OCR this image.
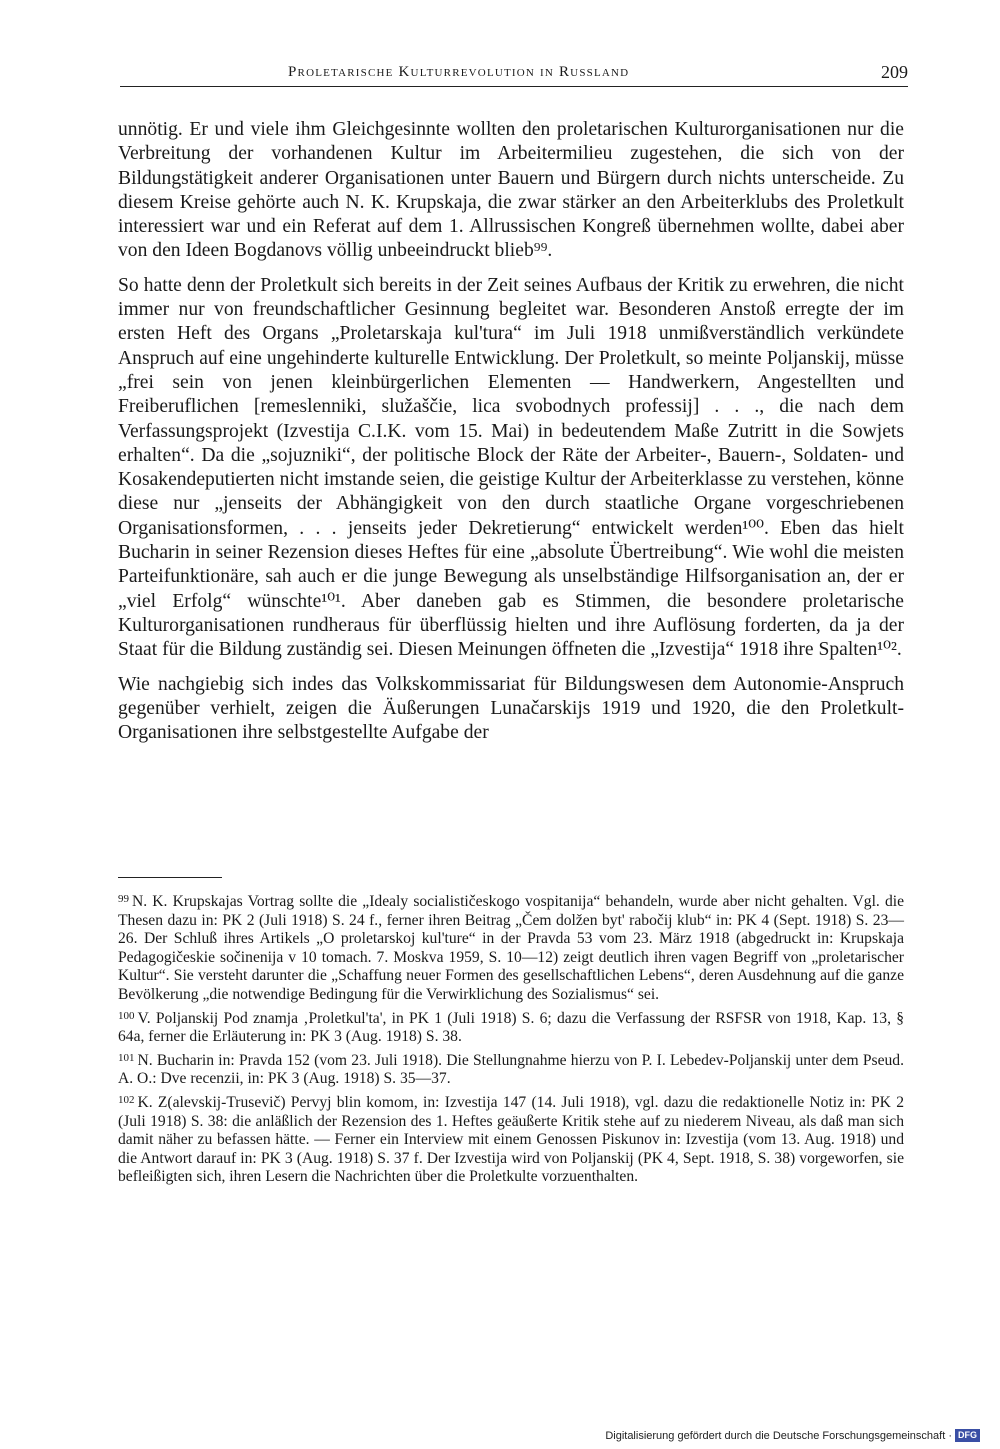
Proletarische Kulturrevolution in Russland	209

unnötig. Er und viele ihm Gleichgesinnte wollten den proletarischen Kulturorganisationen nur die Verbreitung der vorhandenen Kultur im Arbeitermilieu zugestehen, die sich von der Bildungstätigkeit anderer Organisationen unter Bauern und Bürgern durch nichts unterscheide. Zu diesem Kreise gehörte auch N. K. Krupskaja, die zwar stärker an den Arbeiterklubs des Proletkult interessiert war und ein Referat auf dem 1. Allrussischen Kongreß übernehmen wollte, dabei aber von den Ideen Bogdanovs völlig unbeeindruckt blieb⁹⁹.

So hatte denn der Proletkult sich bereits in der Zeit seines Aufbaus der Kritik zu erwehren, die nicht immer nur von freundschaftlicher Gesinnung begleitet war. Besonderen Anstoß erregte der im ersten Heft des Organs „Proletarskaja kul'tura“ im Juli 1918 unmißverständlich verkündete Anspruch auf eine ungehinderte kulturelle Entwicklung. Der Proletkult, so meinte Poljanskij, müsse „frei sein von jenen kleinbürgerlichen Elementen — Handwerkern, Angestellten und Freiberuflichen [remeslenniki, služaščie, lica svobodnych professij] . . ., die nach dem Verfassungsprojekt (Izvestija C.I.K. vom 15. Mai) in bedeutendem Maße Zutritt in die Sowjets erhalten“. Da die „sojuzniki“, der politische Block der Räte der Arbeiter-, Bauern-, Soldaten- und Kosakendeputierten nicht imstande seien, die geistige Kultur der Arbeiterklasse zu verstehen, könne diese nur „jenseits der Abhängigkeit von den durch staatliche Organe vorgeschriebenen Organisationsformen, . . . jenseits jeder Dekretierung“ entwickelt werden¹⁰⁰. Eben das hielt Bucharin in seiner Rezension dieses Heftes für eine „absolute Übertreibung“. Wie wohl die meisten Parteifunktionäre, sah auch er die junge Bewegung als unselbständige Hilfsorganisation an, der er „viel Erfolg“ wünschte¹⁰¹. Aber daneben gab es Stimmen, die besondere proletarische Kulturorganisationen rundheraus für überflüssig hielten und ihre Auflösung forderten, da ja der Staat für die Bildung zuständig sei. Diesen Meinungen öffneten die „Izvestija“ 1918 ihre Spalten¹⁰².

Wie nachgiebig sich indes das Volkskommissariat für Bildungswesen dem Autonomie-Anspruch gegenüber verhielt, zeigen die Äußerungen Lunačarskijs 1919 und 1920, die den Proletkult-Organisationen ihre selbstgestellte Aufgabe der

$^{99}$ N. K. Krupskajas Vortrag sollte die „Idealy socialističeskogo vospitanija“ behandeln, wurde aber nicht gehalten. Vgl. die Thesen dazu in: PK 2 (Juli 1918) S. 24 f., ferner ihren Beitrag „Čem dolžen byt' rabočij klub“ in: PK 4 (Sept. 1918) S. 23—26. Der Schluß ihres Artikels „O proletarskoj kul'ture“ in der Pravda 53 vom 23. März 1918 (abgedruckt in: Krupskaja Pedagogičeskie sočinenija v 10 tomach. 7. Moskva 1959, S. 10—12) zeigt deutlich ihren vagen Begriff von „proletarischer Kultur“. Sie versteht darunter die „Schaffung neuer Formen des gesellschaftlichen Lebens“, deren Ausdehnung auf die ganze Bevölkerung „die notwendige Bedingung für die Verwirklichung des Sozialismus“ sei.

$^{100}$ V. Poljanskij Pod znamja ‚Proletkul'ta', in PK 1 (Juli 1918) S. 6; dazu die Verfassung der RSFSR von 1918, Kap. 13, § 64a, ferner die Erläuterung in: PK 3 (Aug. 1918) S. 38.

$^{101}$ N. Bucharin in: Pravda 152 (vom 23. Juli 1918). Die Stellungnahme hierzu von P. I. Lebedev-Poljanskij unter dem Pseud. A. O.: Dve recenzii, in: PK 3 (Aug. 1918) S. 35—37.

$^{102}$ K. Z(alevskij-Trusevič) Pervyj blin komom, in: Izvestija 147 (14. Juli 1918), vgl. dazu die redaktionelle Notiz in: PK 2 (Juli 1918) S. 38: die anläßlich der Rezension des 1. Heftes geäußerte Kritik stehe auf zu niederem Niveau, als daß man sich damit näher zu befassen hätte. — Ferner ein Interview mit einem Genossen Piskunov in: Izvestija (vom 13. Aug. 1918) und die Antwort darauf in: PK 3 (Aug. 1918) S. 37 f. Der Izvestija wird von Poljanskij (PK 4, Sept. 1918, S. 38) vorgeworfen, sie befleißigten sich, ihren Lesern die Nachrichten über die Proletkulte vorzuenthalten.

Digitalisierung gefördert durch die Deutsche Forschungsgemeinschaft · DFG
